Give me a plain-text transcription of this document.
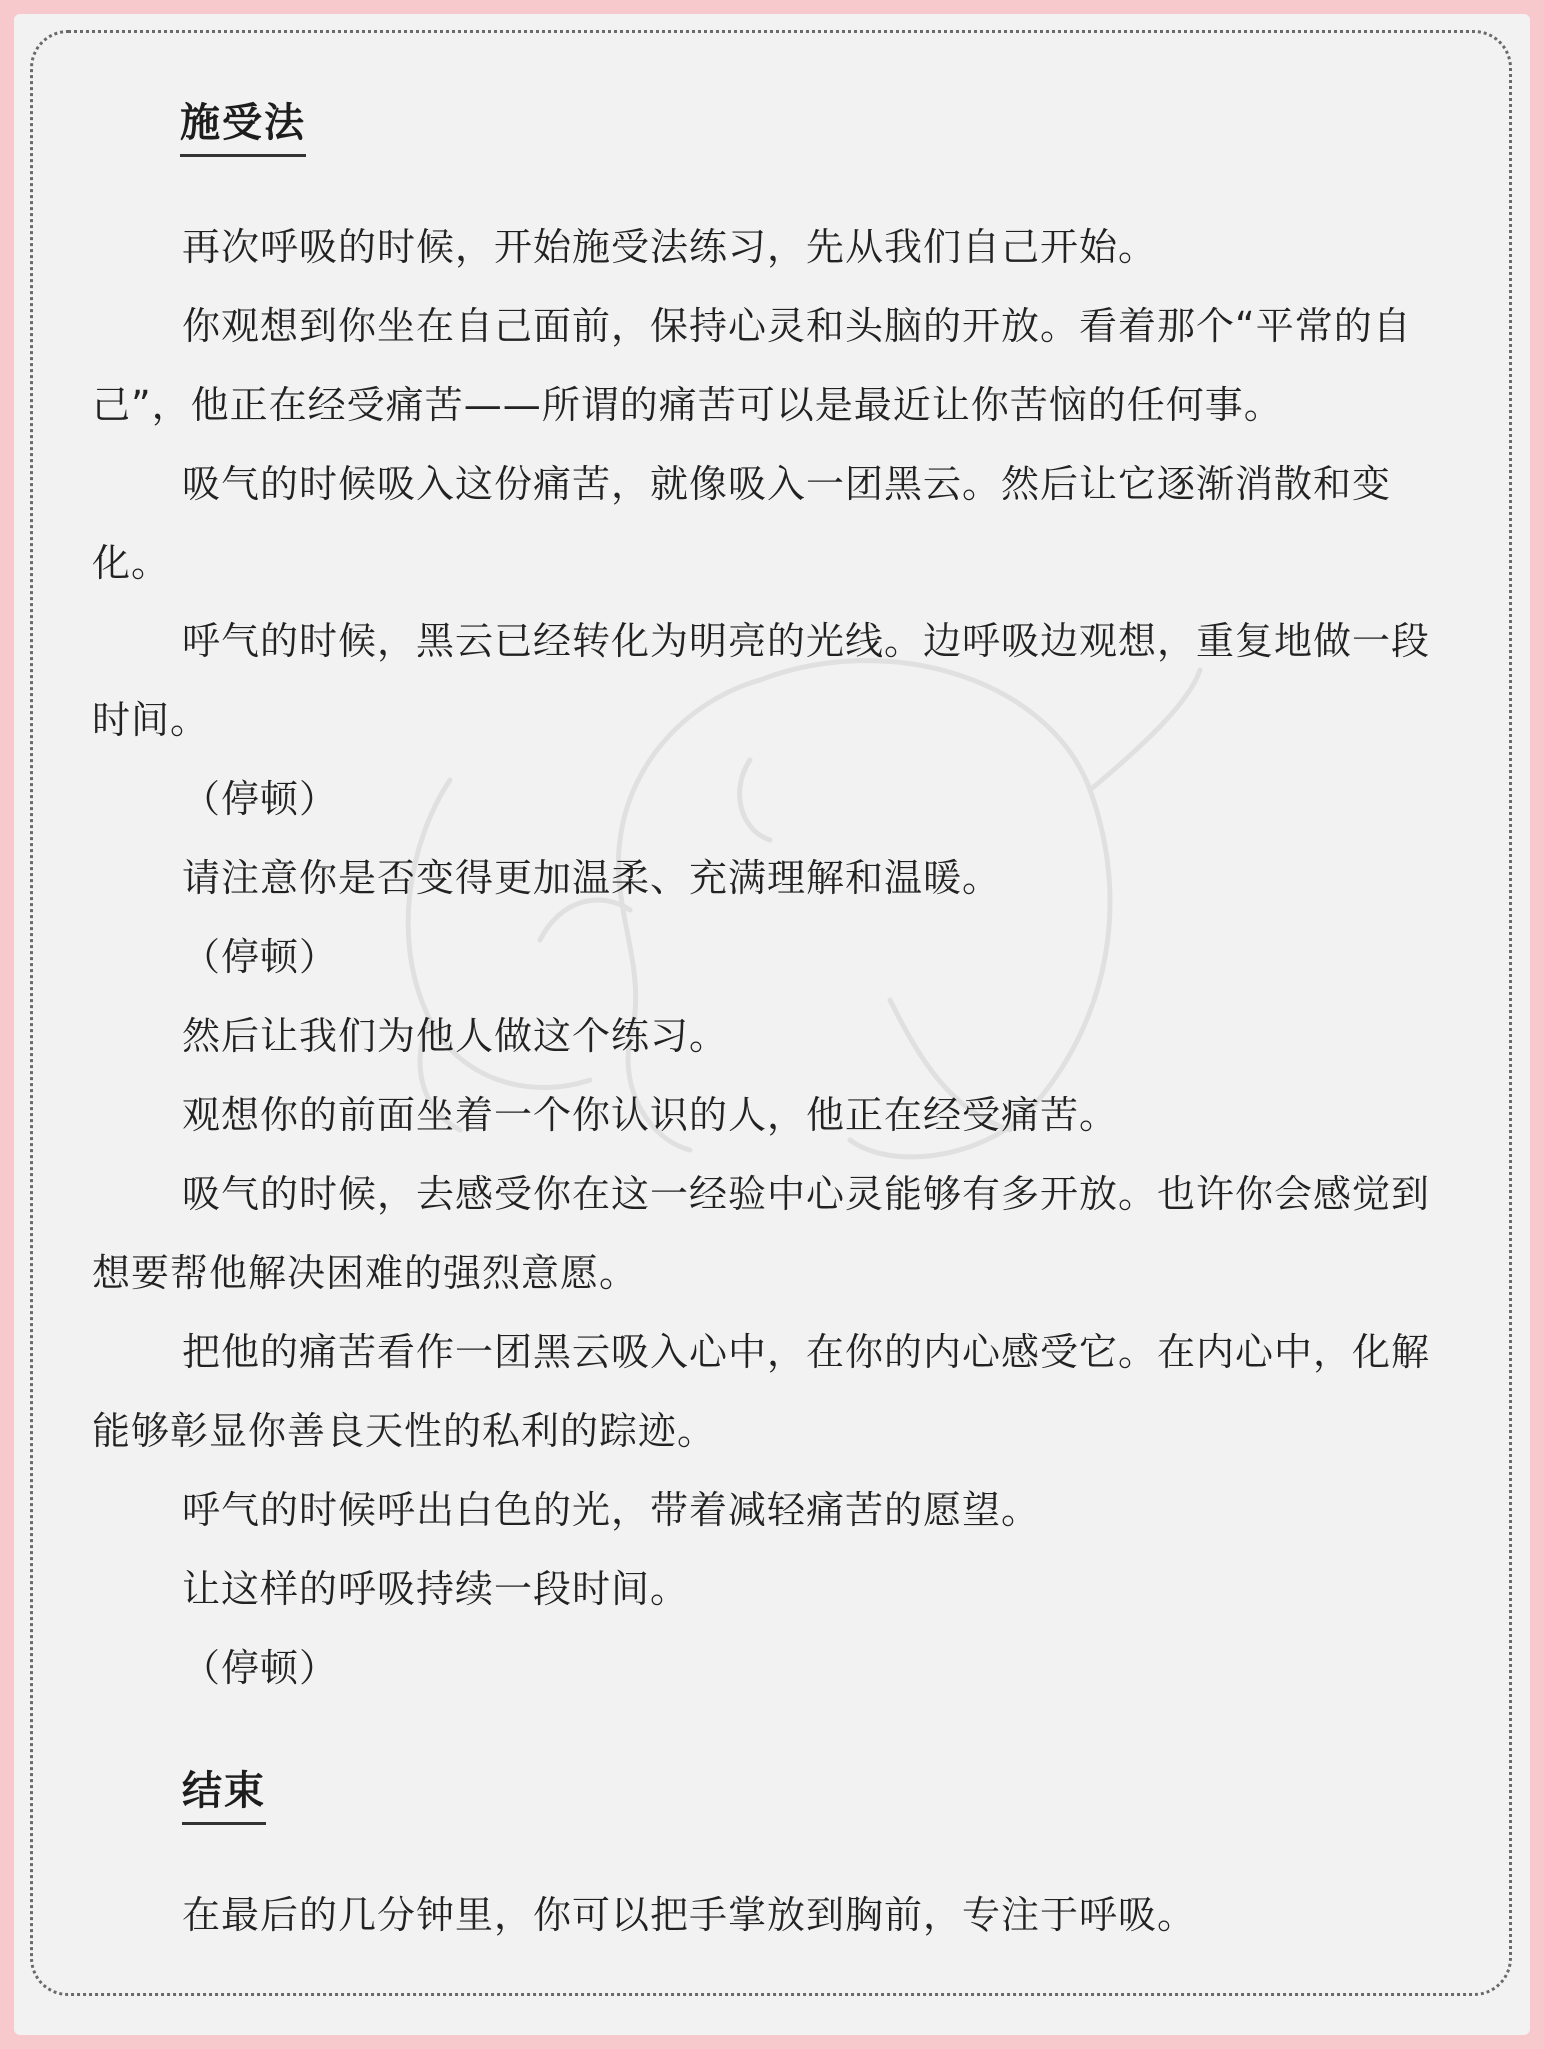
施受法

再次呼吸的时候，开始施受法练习，先从我们自己开始。

你观想到你坐在自己面前，保持心灵和头脑的开放。看着那个“平常的自己”，他正在经受痛苦——所谓的痛苦可以是最近让你苦恼的任何事。

吸气的时候吸入这份痛苦，就像吸入一团黑云。然后让它逐渐消散和变化。

呼气的时候，黑云已经转化为明亮的光线。边呼吸边观想，重复地做一段时间。

（停顿）

请注意你是否变得更加温柔、充满理解和温暖。

（停顿）

然后让我们为他人做这个练习。

观想你的前面坐着一个你认识的人，他正在经受痛苦。

吸气的时候，去感受你在这一经验中心灵能够有多开放。也许你会感觉到想要帮他解决困难的强烈意愿。

把他的痛苦看作一团黑云吸入心中，在你的内心感受它。在内心中，化解能够彰显你善良天性的私利的踪迹。

呼气的时候呼出白色的光，带着减轻痛苦的愿望。

让这样的呼吸持续一段时间。

（停顿）

结束

在最后的几分钟里，你可以把手掌放到胸前，专注于呼吸。
